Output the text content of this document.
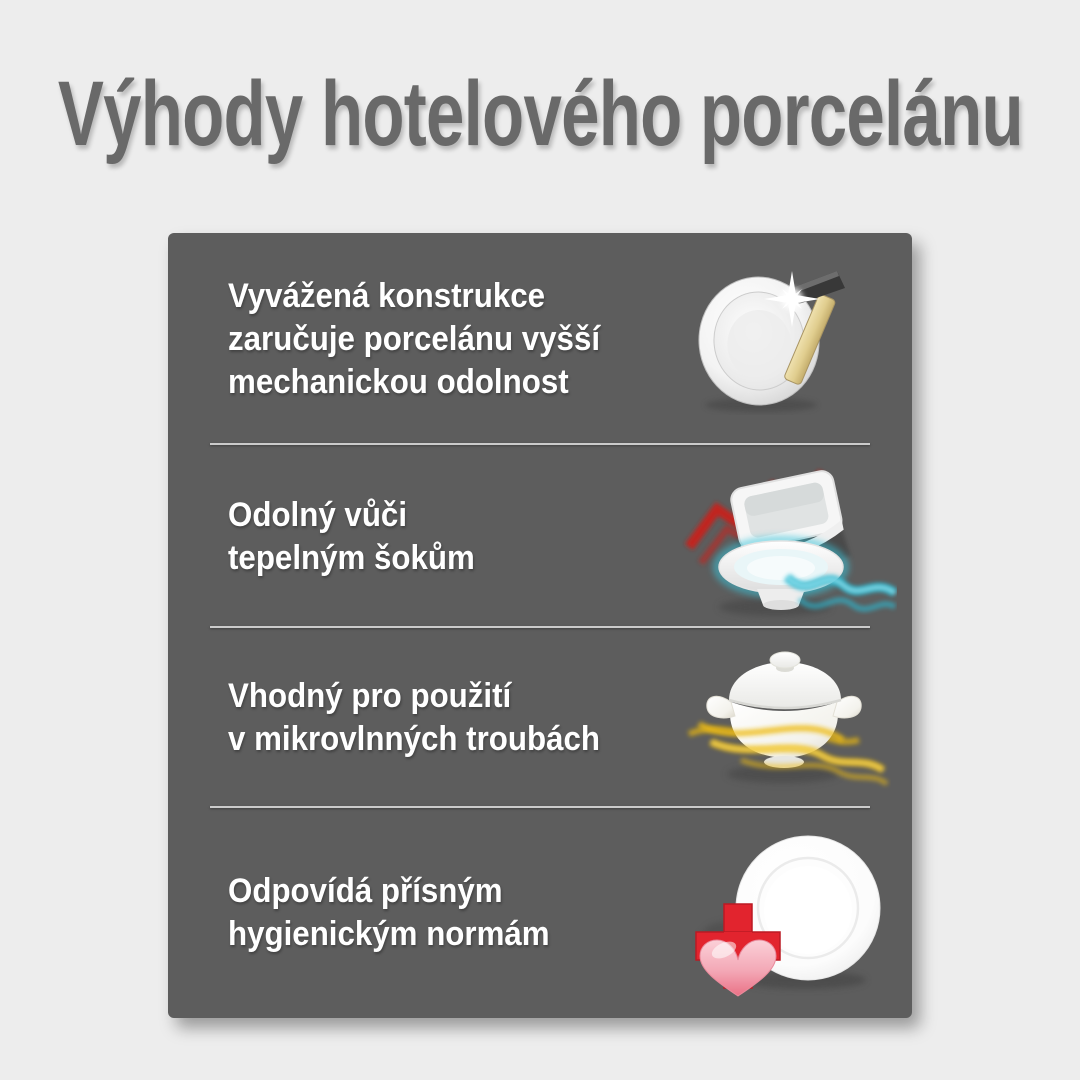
Výhody hotelového porcelánu
Vyvážená konstrukce
zaručuje porcelánu vyšší
mechanickou odolnost
Odolný vůči
tepelným šokům
Vhodný pro použití
v mikrovlnných troubách
Odpovídá přísným
hygienickým normám
